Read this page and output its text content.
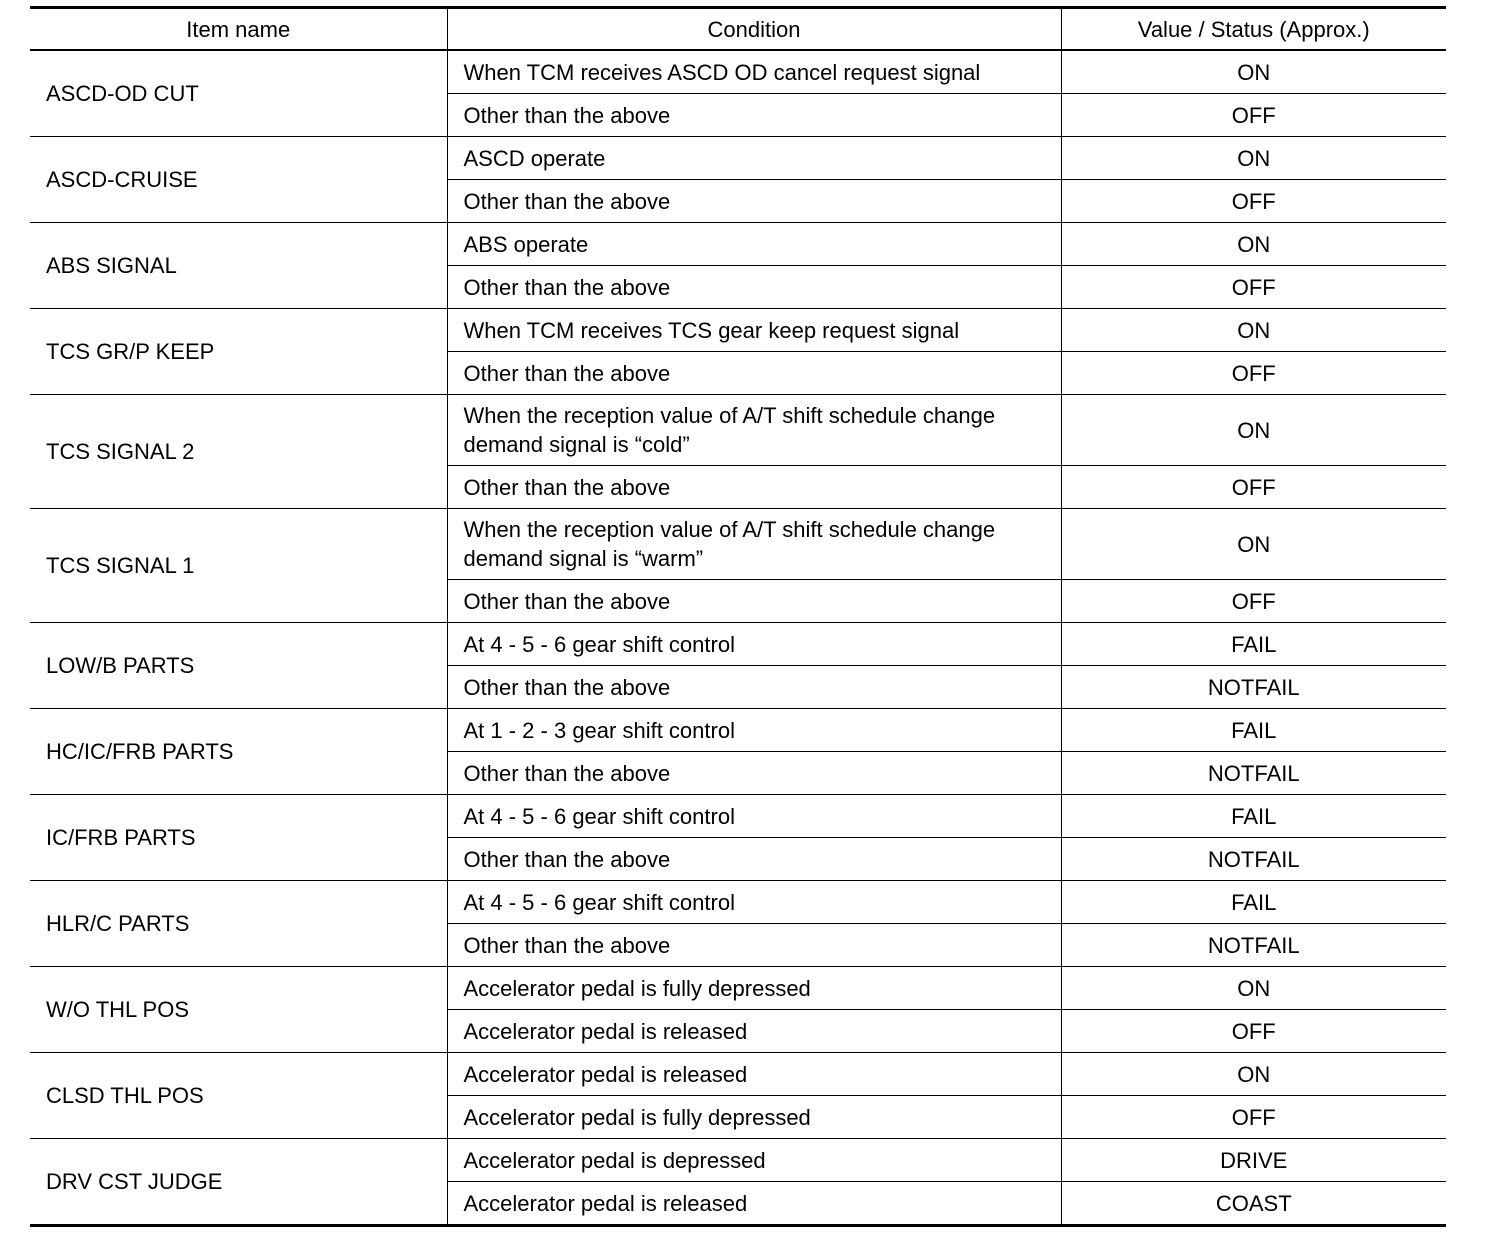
Item name	Condition	Value / Status (Approx.)
ASCD-OD CUT	When TCM receives ASCD OD cancel request signal	ON
	Other than the above	OFF
ASCD-CRUISE	ASCD operate	ON
	Other than the above	OFF
ABS SIGNAL	ABS operate	ON
	Other than the above	OFF
TCS GR/P KEEP	When TCM receives TCS gear keep request signal	ON
	Other than the above	OFF
TCS SIGNAL 2	When the reception value of A/T shift schedule change demand signal is “cold”	ON
	Other than the above	OFF
TCS SIGNAL 1	When the reception value of A/T shift schedule change demand signal is “warm”	ON
	Other than the above	OFF
LOW/B PARTS	At 4 - 5 - 6 gear shift control	FAIL
	Other than the above	NOTFAIL
HC/IC/FRB PARTS	At 1 - 2 - 3 gear shift control	FAIL
	Other than the above	NOTFAIL
IC/FRB PARTS	At 4 - 5 - 6 gear shift control	FAIL
	Other than the above	NOTFAIL
HLR/C PARTS	At 4 - 5 - 6 gear shift control	FAIL
	Other than the above	NOTFAIL
W/O THL POS	Accelerator pedal is fully depressed	ON
	Accelerator pedal is released	OFF
CLSD THL POS	Accelerator pedal is released	ON
	Accelerator pedal is fully depressed	OFF
DRV CST JUDGE	Accelerator pedal is depressed	DRIVE
	Accelerator pedal is released	COAST
